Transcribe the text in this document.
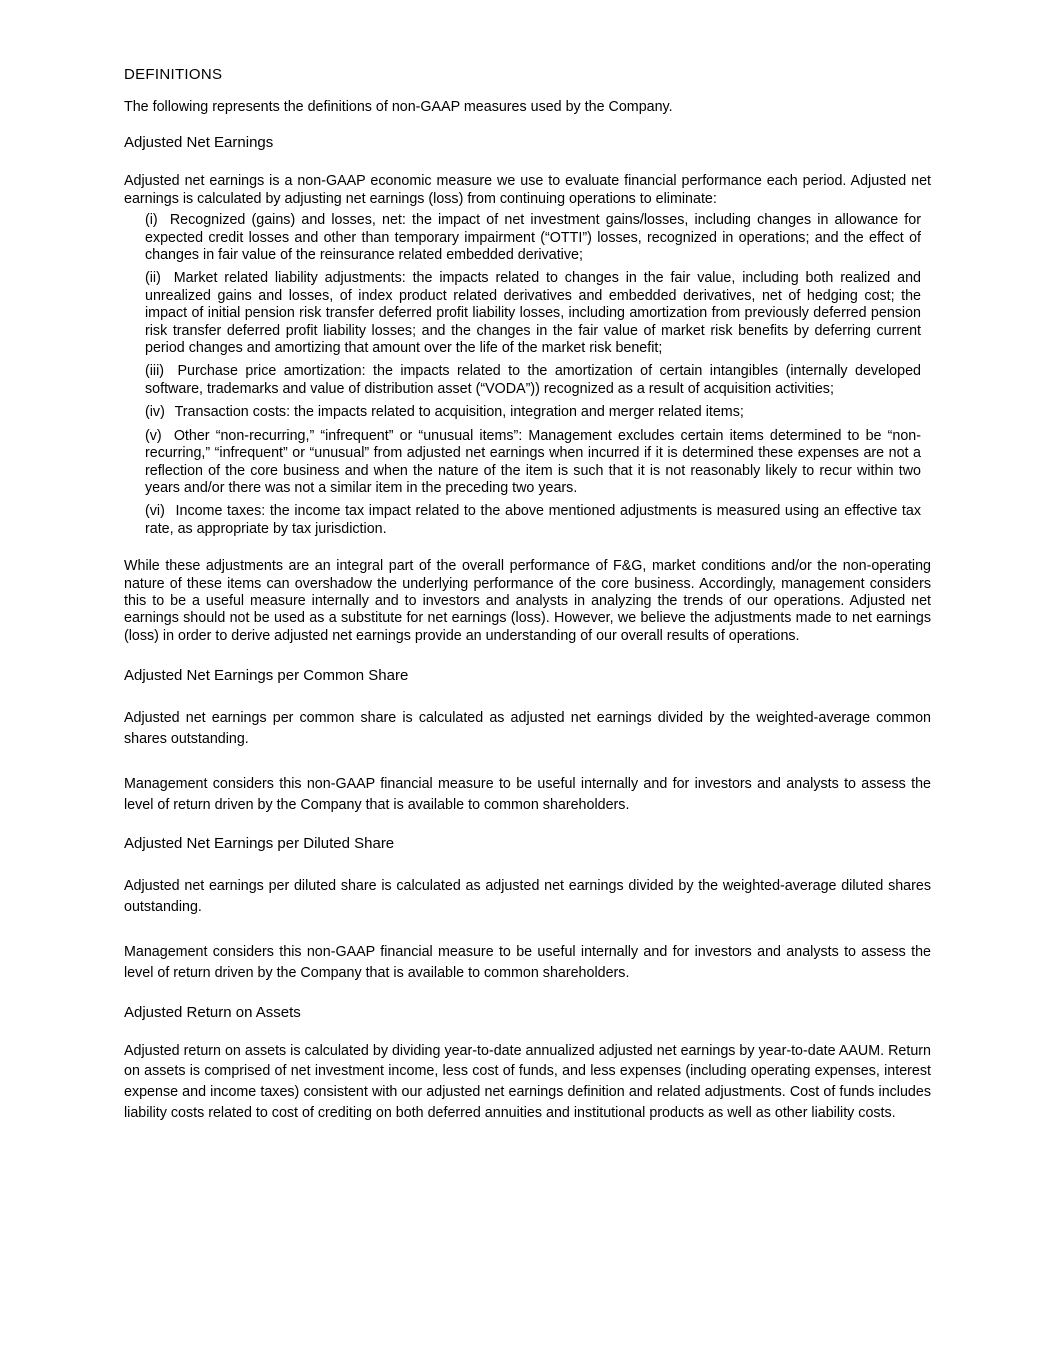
DEFINITIONS

The following represents the definitions of non-GAAP measures used by the Company.

Adjusted Net Earnings

Adjusted net earnings is a non-GAAP economic measure we use to evaluate financial performance each period. Adjusted net earnings is calculated by adjusting net earnings (loss) from continuing operations to eliminate:

(i) Recognized (gains) and losses, net: the impact of net investment gains/losses, including changes in allowance for expected credit losses and other than temporary impairment (“OTTI”) losses, recognized in operations; and the effect of changes in fair value of the reinsurance related embedded derivative;
(ii) Market related liability adjustments: the impacts related to changes in the fair value, including both realized and unrealized gains and losses, of index product related derivatives and embedded derivatives, net of hedging cost; the impact of initial pension risk transfer deferred profit liability losses, including amortization from previously deferred pension risk transfer deferred profit liability losses; and the changes in the fair value of market risk benefits by deferring current period changes and amortizing that amount over the life of the market risk benefit;
(iii) Purchase price amortization: the impacts related to the amortization of certain intangibles (internally developed software, trademarks and value of distribution asset (“VODA”)) recognized as a result of acquisition activities;
(iv) Transaction costs: the impacts related to acquisition, integration and merger related items;
(v) Other “non-recurring,” “infrequent” or “unusual items”: Management excludes certain items determined to be “non-recurring,” “infrequent” or “unusual” from adjusted net earnings when incurred if it is determined these expenses are not a reflection of the core business and when the nature of the item is such that it is not reasonably likely to recur within two years and/or there was not a similar item in the preceding two years.
(vi) Income taxes: the income tax impact related to the above mentioned adjustments is measured using an effective tax rate, as appropriate by tax jurisdiction.

While these adjustments are an integral part of the overall performance of F&G, market conditions and/or the non-operating nature of these items can overshadow the underlying performance of the core business. Accordingly, management considers this to be a useful measure internally and to investors and analysts in analyzing the trends of our operations. Adjusted net earnings should not be used as a substitute for net earnings (loss). However, we believe the adjustments made to net earnings (loss) in order to derive adjusted net earnings provide an understanding of our overall results of operations.

Adjusted Net Earnings per Common Share

Adjusted net earnings per common share is calculated as adjusted net earnings divided by the weighted-average common shares outstanding.

Management considers this non-GAAP financial measure to be useful internally and for investors and analysts to assess the level of return driven by the Company that is available to common shareholders.

Adjusted Net Earnings per Diluted Share

Adjusted net earnings per diluted share is calculated as adjusted net earnings divided by the weighted-average diluted shares outstanding.

Management considers this non-GAAP financial measure to be useful internally and for investors and analysts to assess the level of return driven by the Company that is available to common shareholders.

Adjusted Return on Assets

Adjusted return on assets is calculated by dividing year-to-date annualized adjusted net earnings by year-to-date AAUM. Return on assets is comprised of net investment income, less cost of funds, and less expenses (including operating expenses, interest expense and income taxes) consistent with our adjusted net earnings definition and related adjustments. Cost of funds includes liability costs related to cost of crediting on both deferred annuities and institutional products as well as other liability costs.
